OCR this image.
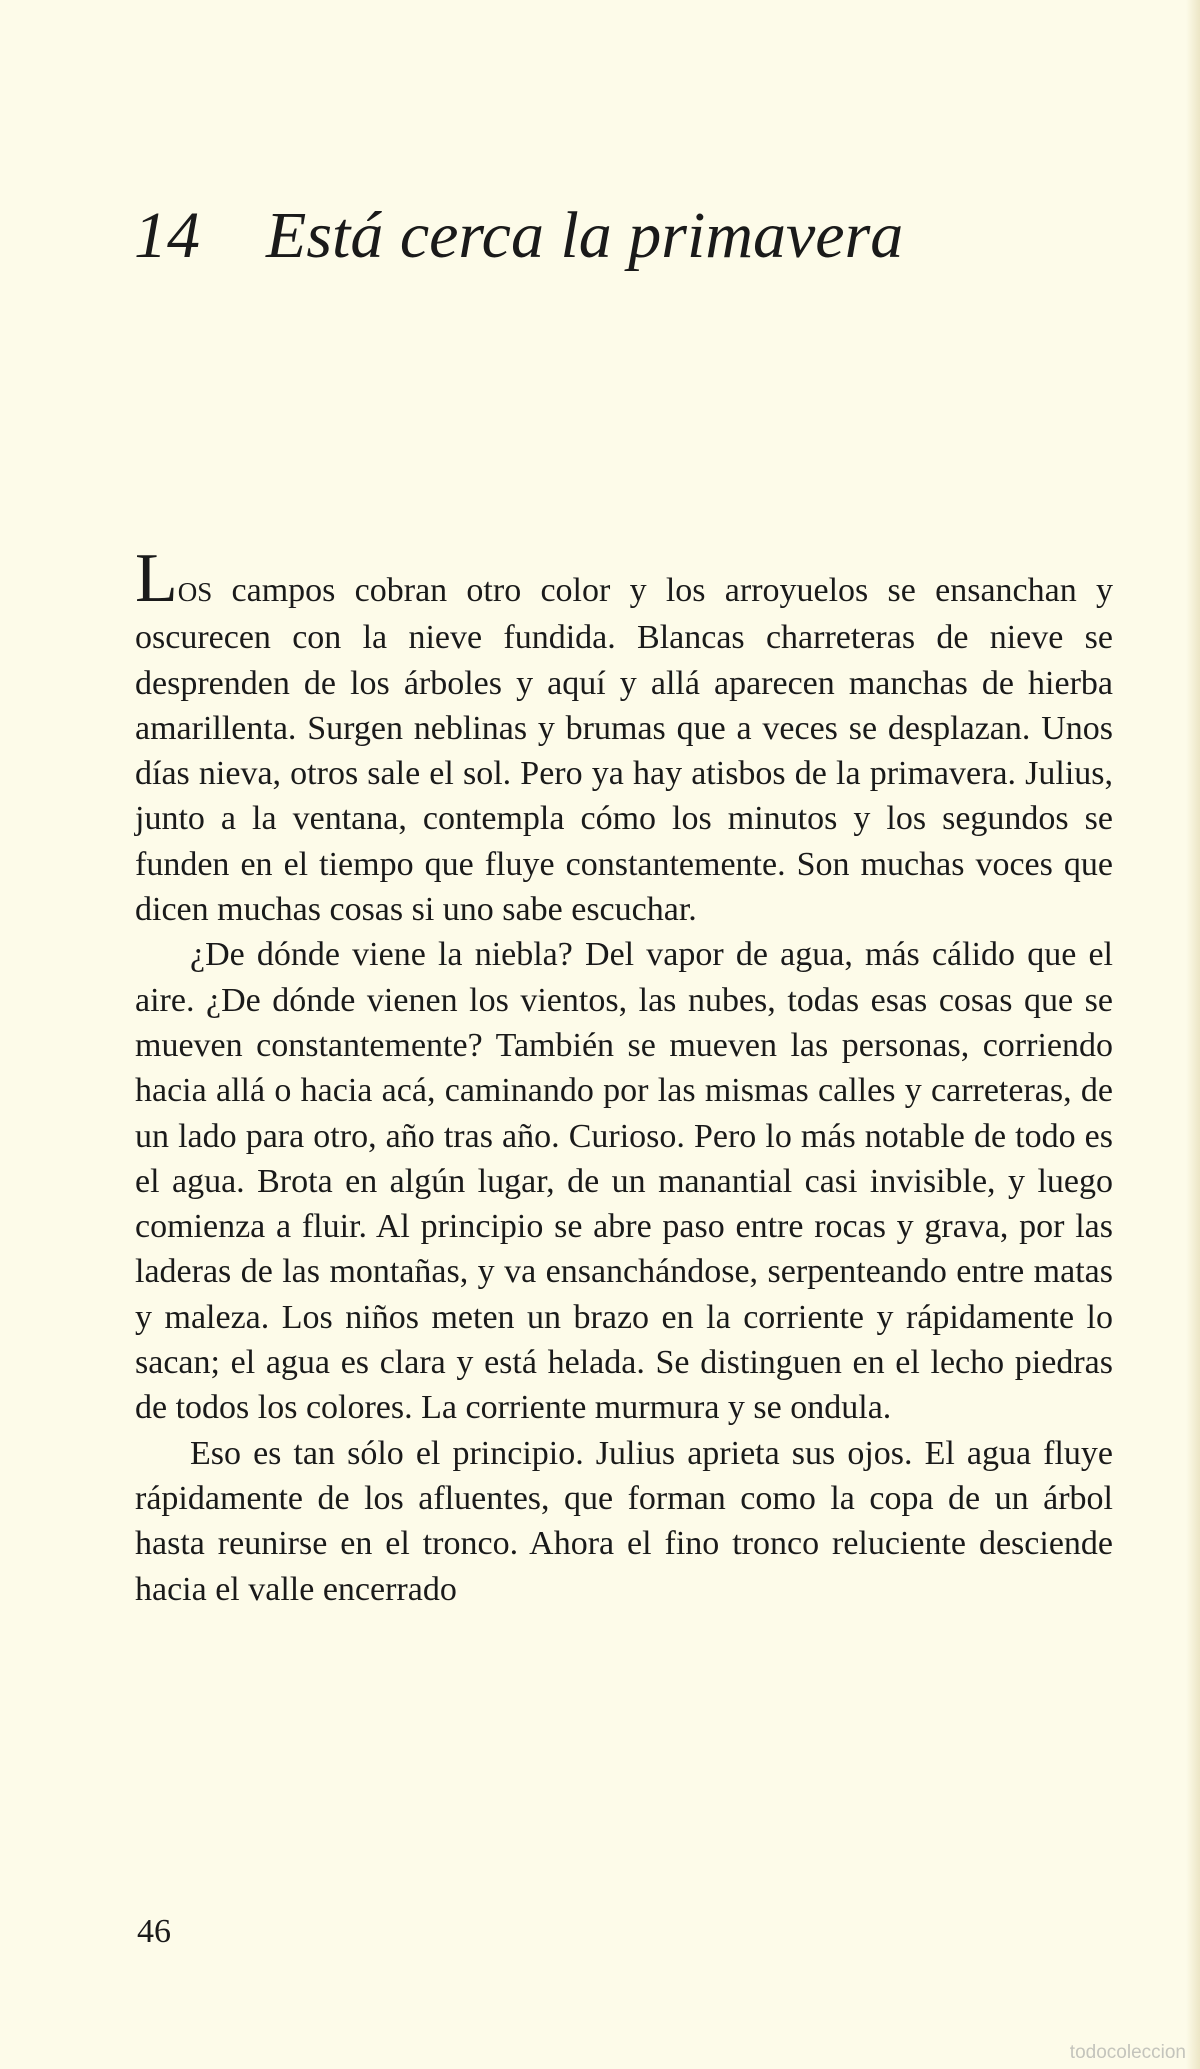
14 Está cerca la primavera

LOS campos cobran otro color y los arroyuelos se ensanchan y oscurecen con la nieve fundida. Blancas charreteras de nieve se desprenden de los árboles y aquí y allá aparecen manchas de hierba amarillenta. Surgen neblinas y brumas que a veces se desplazan. Unos días nieva, otros sale el sol. Pero ya hay atisbos de la primavera. Julius, junto a la ventana, contempla cómo los minutos y los segundos se funden en el tiempo que fluye constantemente. Son muchas voces que dicen muchas cosas si uno sabe escuchar.

¿De dónde viene la niebla? Del vapor de agua, más cálido que el aire. ¿De dónde vienen los vientos, las nubes, todas esas cosas que se mueven constantemente? También se mueven las personas, corriendo hacia allá o hacia acá, caminando por las mismas calles y carreteras, de un lado para otro, año tras año. Curioso. Pero lo más notable de todo es el agua. Brota en algún lugar, de un manantial casi invisible, y luego comienza a fluir. Al principio se abre paso entre rocas y grava, por las laderas de las montañas, y va ensanchándose, serpenteando entre matas y maleza. Los niños meten un brazo en la corriente y rápidamente lo sacan; el agua es clara y está helada. Se distinguen en el lecho piedras de todos los colores. La corriente murmura y se ondula.

Eso es tan sólo el principio. Julius aprieta sus ojos. El agua fluye rápidamente de los afluentes, que forman como la copa de un árbol hasta reunirse en el tronco. Ahora el fino tronco reluciente desciende hacia el valle encerrado

46
todocoleccion
